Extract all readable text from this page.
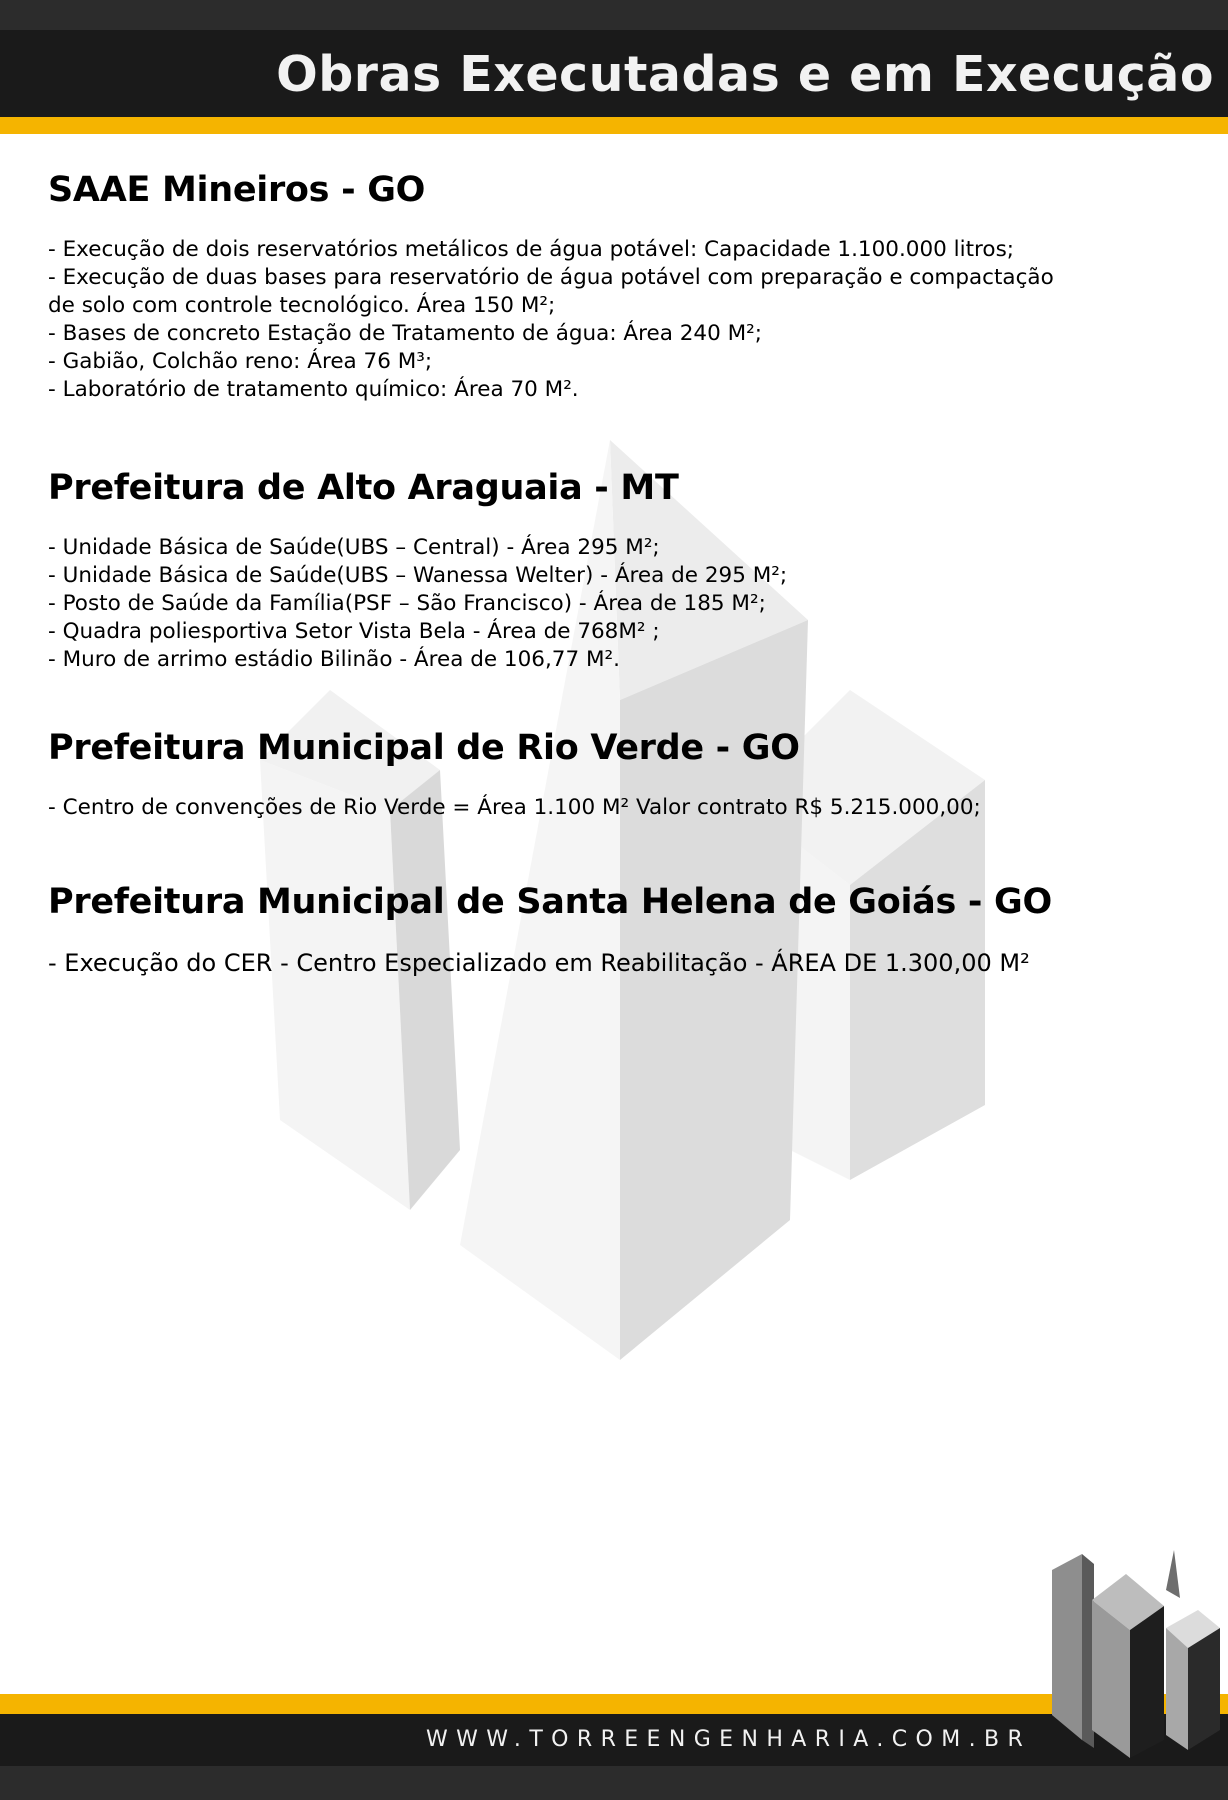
Obras Executadas e em Execução
SAAE Mineiros - GO
- Execução de dois reservatórios metálicos de água potável: Capacidade 1.100.000 litros;
- Execução de duas bases para reservatório de água potável com preparação e compactação
de solo com controle tecnológico. Área 150 M²;
- Bases de concreto Estação de Tratamento de água: Área 240 M²;
- Gabião, Colchão reno: Área 76 M³;
- Laboratório de tratamento químico: Área 70 M².
Prefeitura de Alto Araguaia - MT
- Unidade Básica de Saúde(UBS – Central) - Área 295 M²;
- Unidade Básica de Saúde(UBS – Wanessa Welter) - Área de 295 M²;
- Posto de Saúde da Família(PSF – São Francisco) - Área de 185 M²;
- Quadra poliesportiva Setor Vista Bela - Área de 768M² ;
- Muro de arrimo estádio Bilinão - Área de 106,77 M².
Prefeitura Municipal de Rio Verde - GO
- Centro de convenções de Rio Verde = Área 1.100 M² Valor contrato R$ 5.215.000,00;
Prefeitura Municipal de Santa Helena de Goiás - GO
- Execução do CER - Centro Especializado em Reabilitação - ÁREA DE 1.300,00 M²
WWW.TORREENGENHARIA.COM.BR
